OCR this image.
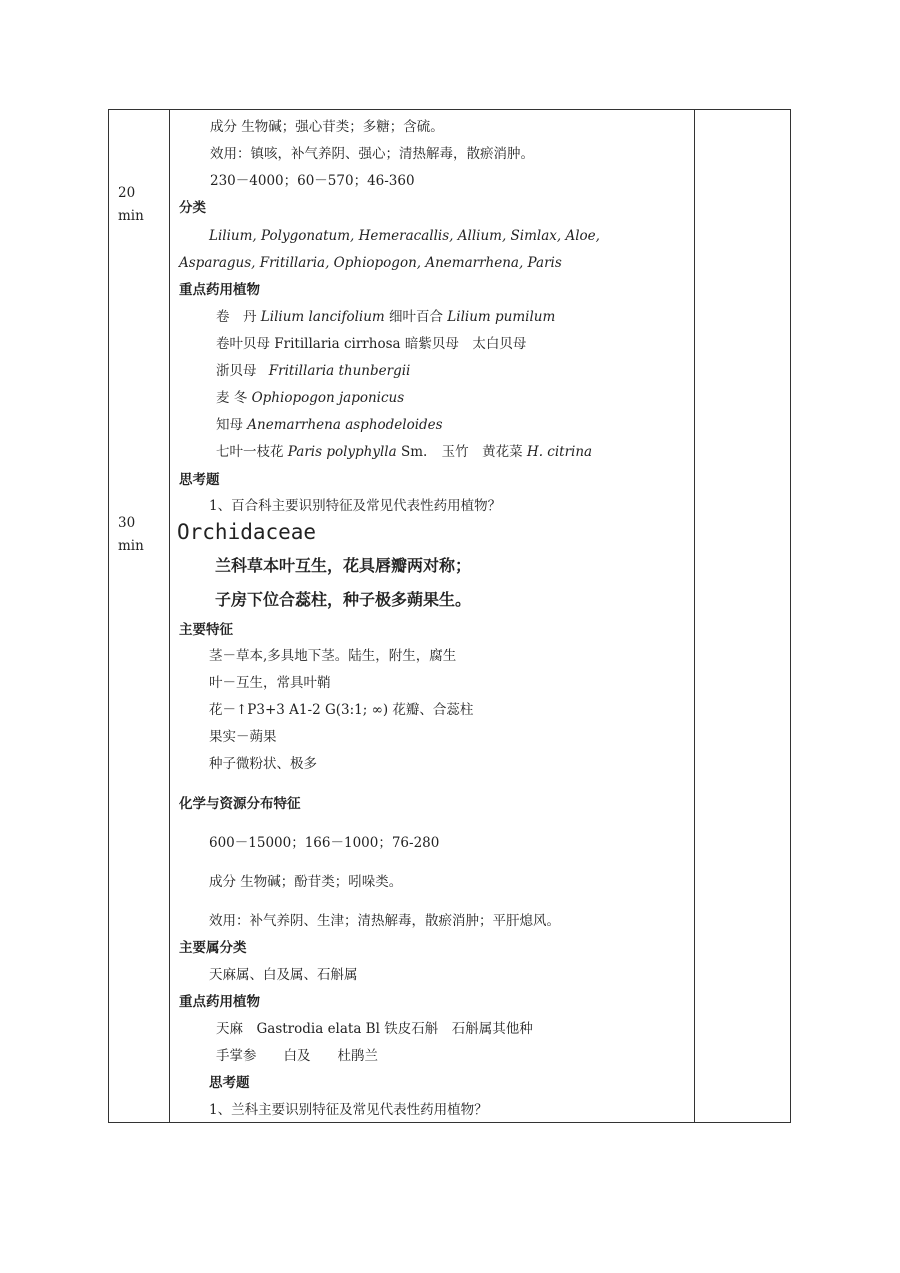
20
min
30
min
成分 生物碱；强心苷类；多糖；含硫。
效用：镇咳，补气养阴、强心；清热解毒，散瘀消肿。
230－4000；60－570；46-360
分类
Lilium, Polygonatum, Hemeracallis, Allium, Simlax, Aloe,
Asparagus, Fritillaria, Ophiopogon, Anemarrhena, Paris
重点药用植物
卷　丹 Lilium lancifolium 细叶百合 Lilium pumilum
卷叶贝母 Fritillaria cirrhosa 暗紫贝母　太白贝母
浙贝母 Fritillaria thunbergii
麦 冬 Ophiopogon japonicus
知母 Anemarrhena asphodeloides
七叶一枝花 Paris polyphylla Sm. 玉竹　黄花菜 H. citrina
思考题
1、百合科主要识别特征及常见代表性药用植物？
Orchidaceae
兰科草本叶互生，花具唇瓣两对称；
子房下位合蕊柱，种子极多蒴果生。
主要特征
茎－草本,多具地下茎。陆生，附生，腐生
叶－互生，常具叶鞘
花－↑P3+3 A1-2 G(3:1; ∞) 花瓣、合蕊柱
果实－蒴果
种子微粉状、极多
化学与资源分布特征
600－15000；166－1000；76-280
成分 生物碱；酚苷类；吲哚类。
效用：补气养阴、生津；清热解毒，散瘀消肿；平肝熄风。
主要属分类
天麻属、白及属、石斛属
重点药用植物
天麻　Gastrodia elata Bl 铁皮石斛　石斛属其他种
手掌参　　白及　　杜鹃兰
思考题
1、兰科主要识别特征及常见代表性药用植物？
